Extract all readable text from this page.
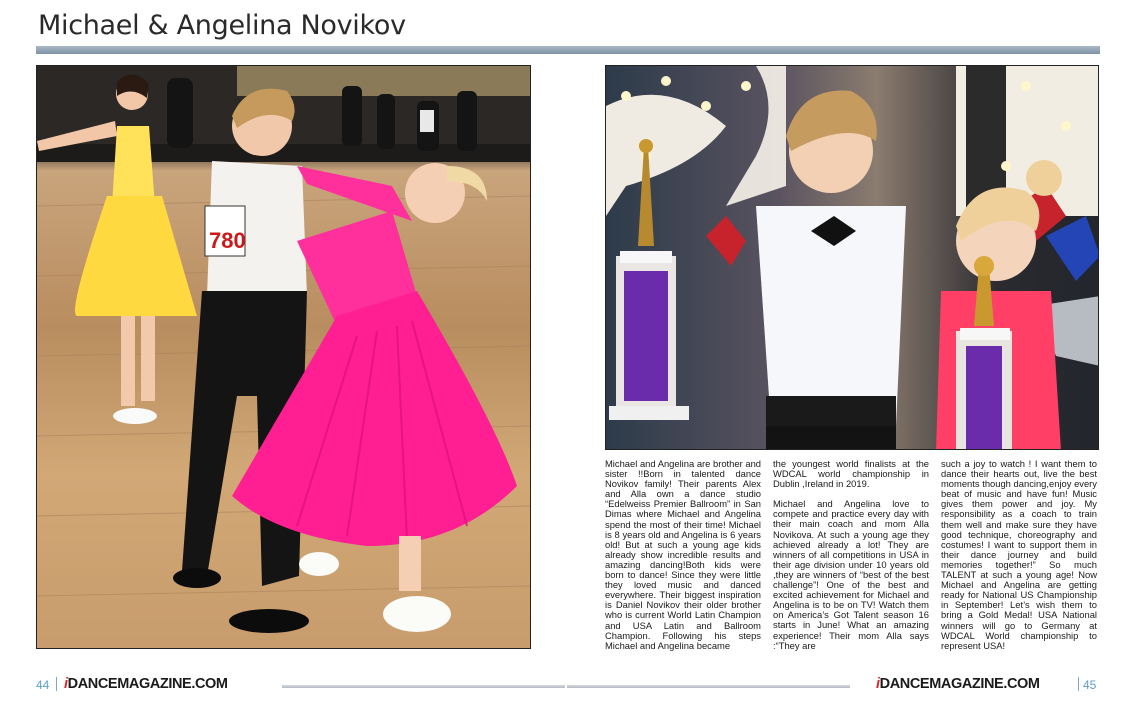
Michael & Angelina Novikov
780

Michael and Angelina are brother and sister !!Born in talented dance Novikov family! Their parents Alex and Alla own a dance studio “Edelweiss Premier Ballroom” in San Dimas where Michael and Angelina spend the most of their time! Michael is 8 years old and Angelina is 6 years old! But at such a young age kids already show incredible results and amazing dancing!Both kids were born to dance! Since they were little they loved music and danced everywhere. Their biggest inspiration is Daniel Novikov their older brother who is current World Latin Champion and USA Latin and Ballroom Champion. Following his steps Michael and Angelina became

the youngest world finalists at the WDCAL world championship in Dublin ,Ireland in 2019.

Michael and Angelina love to compete and practice every day with their main coach and mom Alla Novikova. At such a young age they achieved already a lot! They are winners of all competitions in USA in their age division under 10 years old ,they are winners of “best of the best challenge”! One of the best and excited achievement for Michael and Angelina is to be on TV! Watch them on America’s Got Talent season 16 starts in June! What an amazing experience! Their mom Alla says :“They are

such a joy to watch ! I want them to dance their hearts out, live the best moments though dancing,enjoy every beat of music and have fun! Music gives them power and joy. My responsibility as a coach to train them well and make sure they have good technique, choreography and costumes! I want to support them in their dance journey and build memories together!” So much TALENT at such a young age! Now Michael and Angelina are getting ready for National US Championship in September! Let’s wish them to bring a Gold Medal! USA National winners will go to Germany at WDCAL World championship to represent USA!

44 iDANCEMAGAZINE.COM	iDANCEMAGAZINE.COM	45
